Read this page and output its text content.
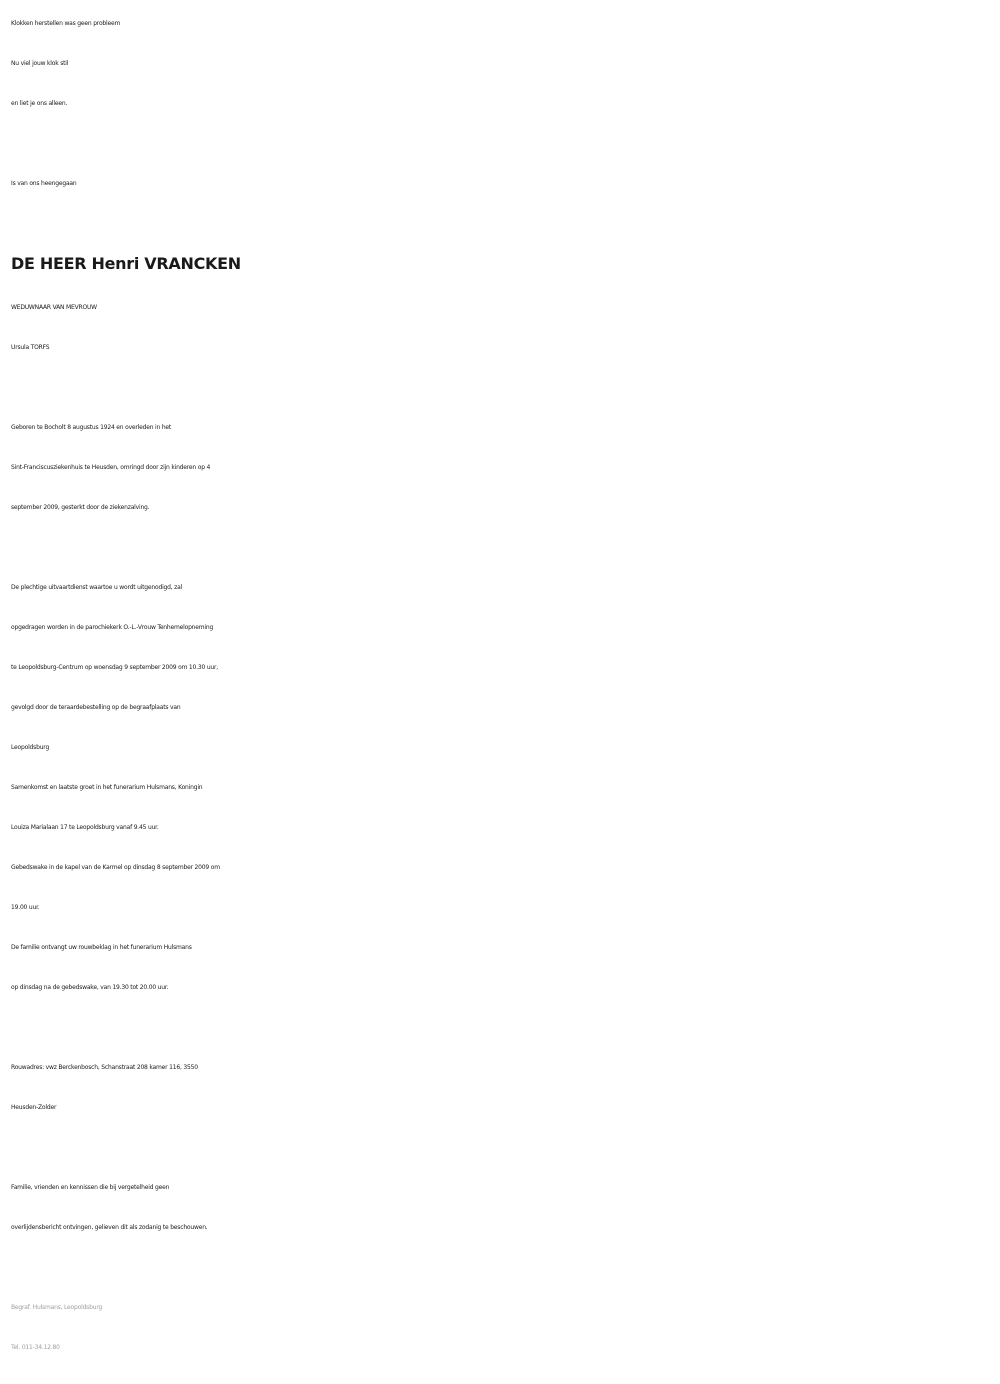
Klokken herstellen was geen probleem
Nu viel jouw klok stil
en liet je ons alleen.
Is van ons heengegaan
DE HEER Henri VRANCKEN
WEDUWNAAR VAN MEVROUW
Ursula TORFS
Geboren te Bocholt 8 augustus 1924 en overleden in het
Sint-Franciscusziekenhuis te Heusden, omringd door zijn kinderen op 4
september 2009, gesterkt door de ziekenzalving.
De plechtige uitvaartdienst waartoe u wordt uitgenodigd, zal
opgedragen worden in de parochiekerk O.-L.-Vrouw Tenhemelopneming
te Leopoldsburg-Centrum op woensdag 9 september 2009 om 10.30 uur,
gevolgd door de teraardebestelling op de begraafplaats van
Leopoldsburg
Samenkomst en laatste groet in het funerarium Hulsmans, Koningin
Louiza Marialaan 17 te Leopoldsburg vanaf 9.45 uur.
Gebedswake in de kapel van de Karmel op dinsdag 8 september 2009 om
19.00 uur.
De familie ontvangt uw rouwbeklag in het funerarium Hulsmans
op dinsdag na de gebedswake, van 19.30 tot 20.00 uur.
Rouwadres: vwz Berckenbosch, Schanstraat 208 kamer 116, 3550
Heusden-Zolder
Familie, vrienden en kennissen die bij vergetelheid geen
overlijdensbericht ontvingen, gelieven dit als zodanig te beschouwen.
Begraf. Hulsmans, Leopoldsburg
Tel. 011-34.12.80
